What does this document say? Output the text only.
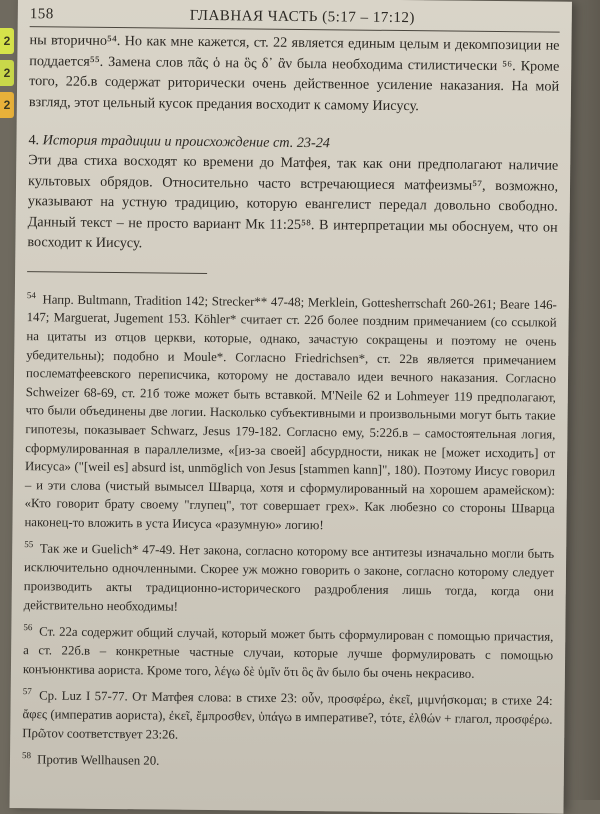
2
2
2
158	ГЛАВНАЯ ЧАСТЬ (5:17 – 17:12)

ны вторично⁵⁴. Но как мне кажется, ст. 22 является единым целым и декомпозиции не поддается⁵⁵. Замена слов πᾶς ὁ на ὃς δ᾿ ἂν была необходима стилистически ⁵⁶. Кроме того, 22б.в содержат риторически очень действенное усиление наказания. На мой взгляд, этот цельный кусок предания восходит к самому Иисусу.

4. История традиции и происхождение ст. 23-24

Эти два стиха восходят ко времени до Матфея, так как они предполагают наличие культовых обрядов. Относительно часто встречающиеся матфеизмы⁵⁷, возможно, указывают на устную традицию, которую евангелист передал довольно свободно. Данный текст – не просто вариант Мк 11:25⁵⁸. В интерпретации мы обоснуем, что он восходит к Иисусу.

$^{54}$ Напр. Bultmann, Tradition 142; Strecker** 47-48; Merklein, Gottesherrschaft 260-261; Beare 146-147; Marguerat, Jugement 153. Köhler* считает ст. 22б более поздним примечанием (со ссылкой на цитаты из отцов церкви, которые, однако, зачастую сокращены и поэтому не очень убедительны); подобно и Moule*. Согласно Friedrichsen*, ст. 22в является примечанием послематфеевского переписчика, которому не доставало идеи вечного наказания. Согласно Schweizer 68-69, ст. 21б тоже может быть вставкой. M'Neile 62 и Lohmeyer 119 предполагают, что были объединены две логии. Насколько субъективными и произвольными могут быть такие гипотезы, показывает Schwarz, Jesus 179-182. Согласно ему, 5:22б.в – самостоятельная логия, сформулированная в параллелизме, «[из-за своей] абсурдности, никак не [может исходить] от Иисуса» ("[weil es] absurd ist, unmöglich von Jesus [stammen kann]", 180). Поэтому Иисус говорил – и эти слова (чистый вымысел Шварца, хотя и сформулированный на хорошем арамейском): «Кто говорит брату своему "глупец", тот совершает грех». Как любезно со стороны Шварца наконец-то вложить в уста Иисуса «разумную» логию!

$^{55}$ Так же и Guelich* 47-49. Нет закона, согласно которому все антитезы изначально могли быть исключительно одночленными. Скорее уж можно говорить о законе, согласно которому следует производить акты традиционно-исторического раздробления лишь тогда, когда они действительно необходимы!

$^{56}$ Ст. 22а содержит общий случай, который может быть сформулирован с помощью причастия, а ст. 22б.в – конкретные частные случаи, которые лучше формулировать с помощью конъюнктива аориста. Кроме того, λέγω δὲ ὑμῖν ὅτι ὃς ἂν было бы очень некрасиво.

$^{57}$ Ср. Luz I 57-77. От Матфея слова: в стихе 23: οὖν, προσφέρω, ἐκεῖ, μιμνήσκομαι; в стихе 24: ἄφες (императив аориста), ἐκεῖ, ἔμπροσθεν, ὑπάγω в императиве?, τότε, ἐλθών + глагол, προσφέρω. Πρῶτον соответствует 23:26.

$^{58}$ Против Wellhausen 20.
